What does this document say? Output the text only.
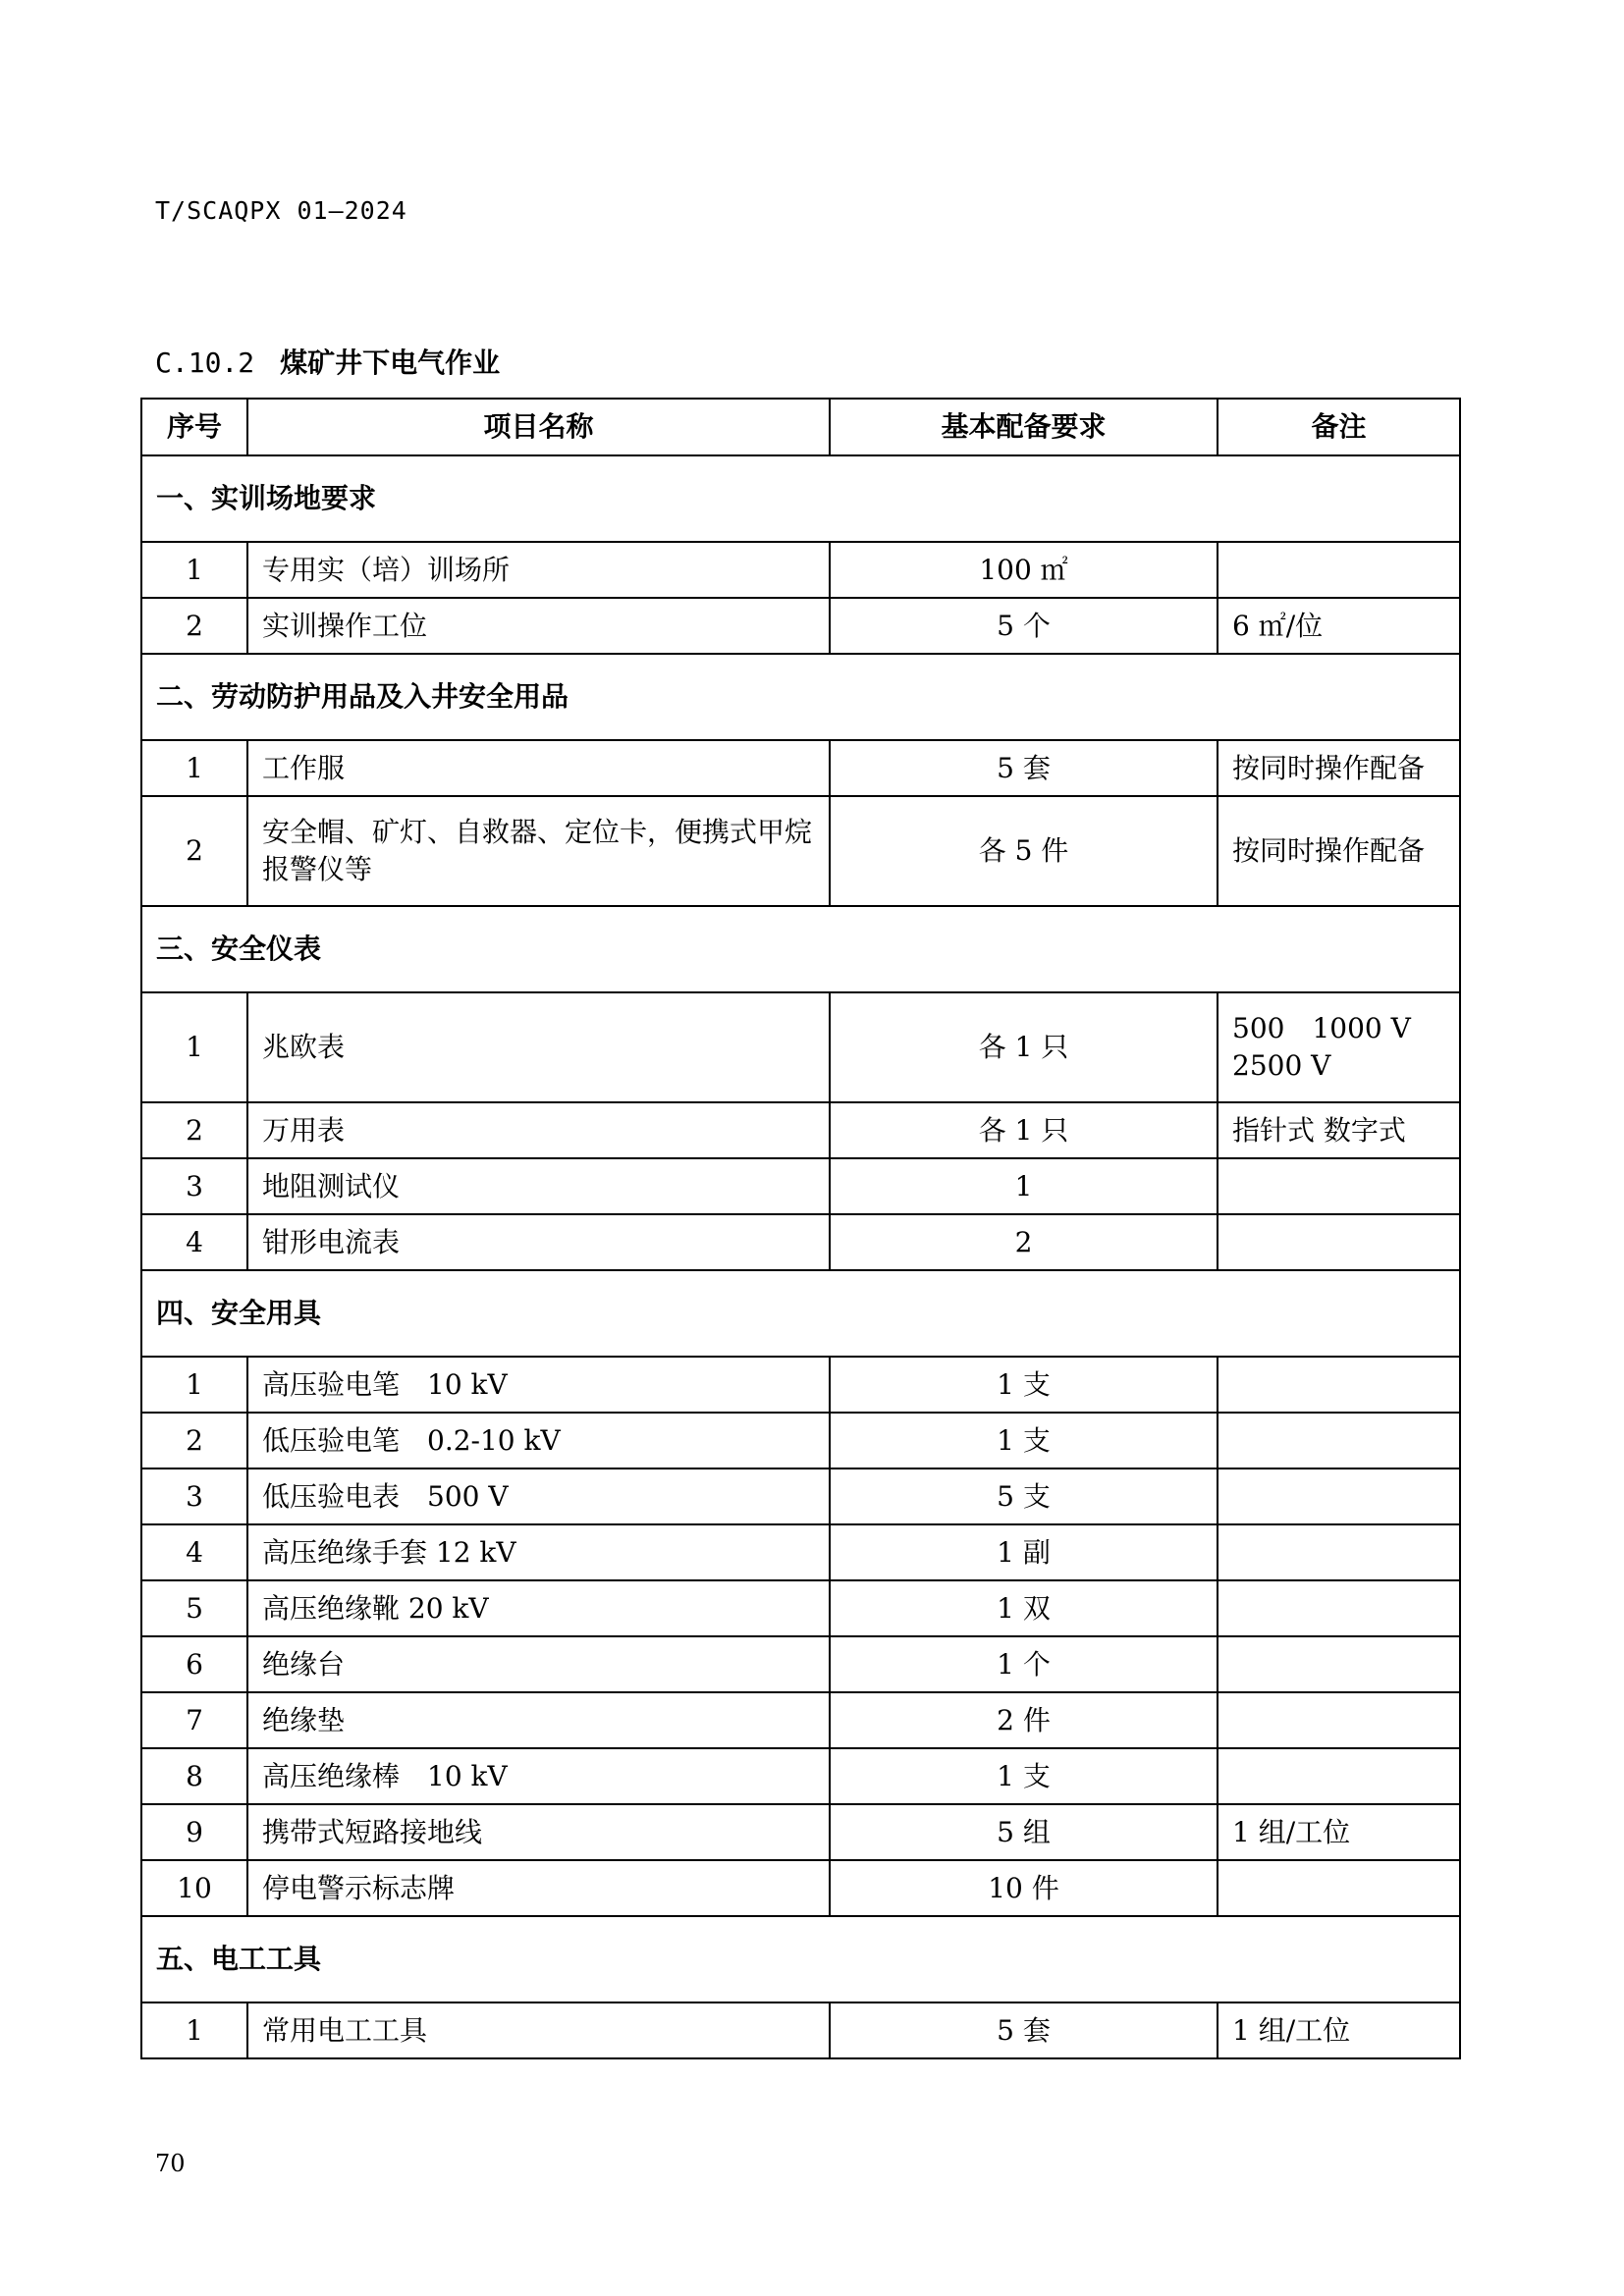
T/SCAQPX 01—2024
C.10.2 煤矿井下电气作业
序号	项目名称	基本配备要求	备注
一、实训场地要求			
1	专用实（培）训场所	100 ㎡	
2	实训操作工位	5 个	6 ㎡/位
二、劳动防护用品及入井安全用品			
1	工作服	5 套	按同时操作配备
2	安全帽、矿灯、自救器、定位卡，便携式甲烷报警仪等	各 5 件	按同时操作配备
三、安全仪表			
1	兆欧表	各 1 只	500　1000 V
2500 V
2	万用表	各 1 只	指针式 数字式
3	地阻测试仪	1	
4	钳形电流表	2	
四、安全用具			
1	高压验电笔　10 kV	1 支	
2	低压验电笔　0.2-10 kV	1 支	
3	低压验电表　500 V	5 支	
4	高压绝缘手套 12 kV	1 副	
5	高压绝缘靴 20 kV	1 双	
6	绝缘台	1 个	
7	绝缘垫	2 件	
8	高压绝缘棒　10 kV	1 支	
9	携带式短路接地线	5 组	1 组/工位
10	停电警示标志牌	10 件	
五、电工工具			
1	常用电工工具	5 套	1 组/工位
70
